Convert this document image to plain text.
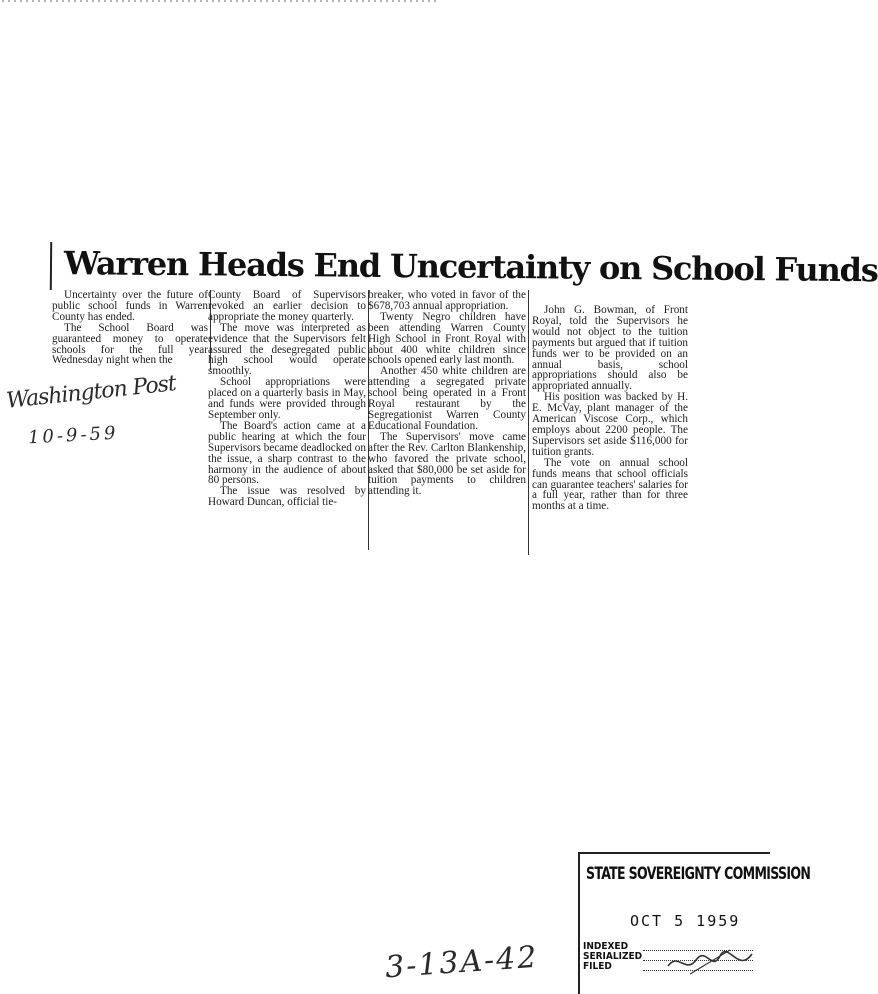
Warren Heads End Uncertainty on School Funds

Uncertainty over the future of public school funds in Warren County has ended.

The School Board was guaranteed money to operate schools for the full year Wednesday night when the

County Board of Supervisors revoked an earlier decision to appropriate the money quarterly.

The move was interpreted as evidence that the Supervisors felt assured the desegregated public high school would operate smoothly.

School appropriations were placed on a quarterly basis in May, and funds were provided through September only.

The Board's action came at a public hearing at which the four Supervisors became deadlocked on the issue, a sharp contrast to the harmony in the audience of about 80 persons.

The issue was resolved by Howard Duncan, official tie-

breaker, who voted in favor of the $678,703 annual appropriation.

Twenty Negro children have been attending Warren County High School in Front Royal with about 400 white children since schools opened early last month.

Another 450 white children are attending a segregated private school being operated in a Front Royal restaurant by the Segregationist Warren County Educational Foundation.

The Supervisors' move came after the Rev. Carlton Blankenship, who favored the private school, asked that $80,000 be set aside for tuition payments to children attending it.

John G. Bowman, of Front Royal, told the Supervisors he would not object to the tuition payments but argued that if tuition funds wer to be provided on an annual basis, school appropriations should also be appropriated annually.

His position was backed by H. E. McVay, plant manager of the American Viscose Corp., which employs about 2200 people. The Supervisors set aside $116,000 for tuition grants.

The vote on annual school funds means that school officials can guarantee teachers' salaries for a full year, rather than for three months at a time.

Washington Post
10-9-59
3-13A-42
STATE SOVEREIGNTY COMMISSION
OCT 5 1959
INDEXED
SERIALIZED
FILED
